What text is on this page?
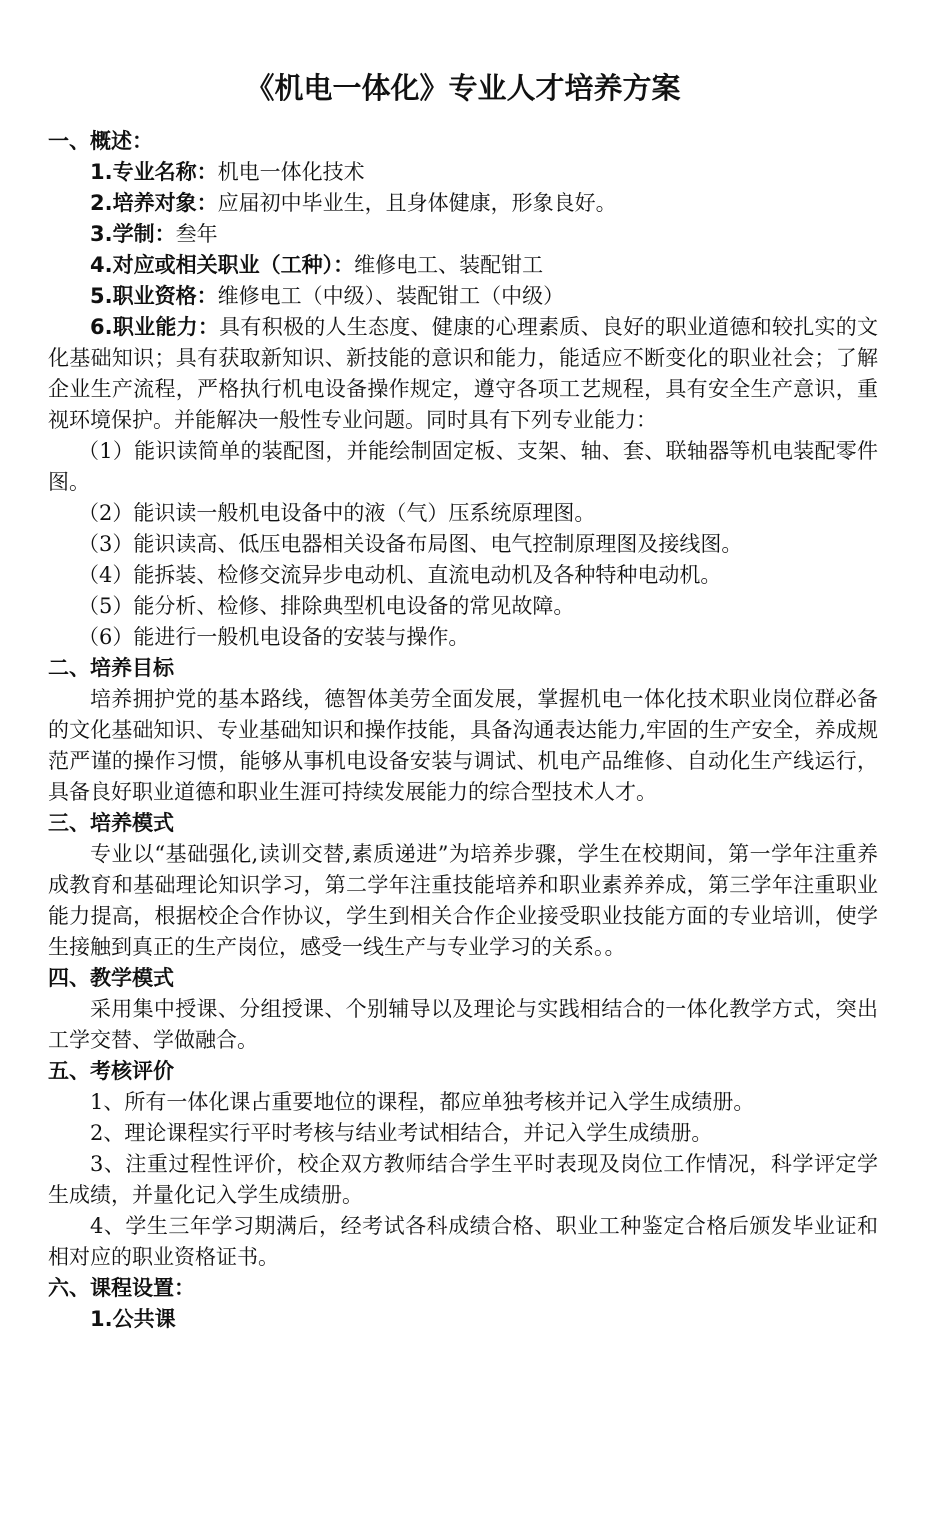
《机电一体化》专业人才培养方案
一、概述：
1.专业名称：机电一体化技术
2.培养对象：应届初中毕业生，且身体健康，形象良好。
3.学制：叁年
4.对应或相关职业（工种）：维修电工、装配钳工
5.职业资格：维修电工（中级）、装配钳工（中级）
6.职业能力：具有积极的人生态度、健康的心理素质、良好的职业道德和较扎实的文化基础知识；具有获取新知识、新技能的意识和能力，能适应不断变化的职业社会；了解企业生产流程，严格执行机电设备操作规定，遵守各项工艺规程，具有安全生产意识，重视环境保护。并能解决一般性专业问题。同时具有下列专业能力：
（1）能识读简单的装配图，并能绘制固定板、支架、轴、套、联轴器等机电装配零件图。
（2）能识读一般机电设备中的液（气）压系统原理图。
（3）能识读高、低压电器相关设备布局图、电气控制原理图及接线图。
（4）能拆装、检修交流异步电动机、直流电动机及各种特种电动机。
（5）能分析、检修、排除典型机电设备的常见故障。
（6）能进行一般机电设备的安装与操作。
二、培养目标
培养拥护党的基本路线，德智体美劳全面发展，掌握机电一体化技术职业岗位群必备的文化基础知识、专业基础知识和操作技能，具备沟通表达能力,牢固的生产安全，养成规范严谨的操作习惯，能够从事机电设备安装与调试、机电产品维修、自动化生产线运行，具备良好职业道德和职业生涯可持续发展能力的综合型技术人才。
三、培养模式
专业以“基础强化,读训交替,素质递进”为培养步骤，学生在校期间，第一学年注重养成教育和基础理论知识学习，第二学年注重技能培养和职业素养养成，第三学年注重职业能力提高，根据校企合作协议，学生到相关合作企业接受职业技能方面的专业培训，使学生接触到真正的生产岗位，感受一线生产与专业学习的关系。。
四、教学模式
采用集中授课、分组授课、个别辅导以及理论与实践相结合的一体化教学方式，突出工学交替、学做融合。
五、考核评价
1、所有一体化课占重要地位的课程，都应单独考核并记入学生成绩册。
2、理论课程实行平时考核与结业考试相结合，并记入学生成绩册。
3、注重过程性评价，校企双方教师结合学生平时表现及岗位工作情况，科学评定学生成绩，并量化记入学生成绩册。
4、学生三年学习期满后，经考试各科成绩合格、职业工种鉴定合格后颁发毕业证和相对应的职业资格证书。
六、课程设置：
1.公共课
